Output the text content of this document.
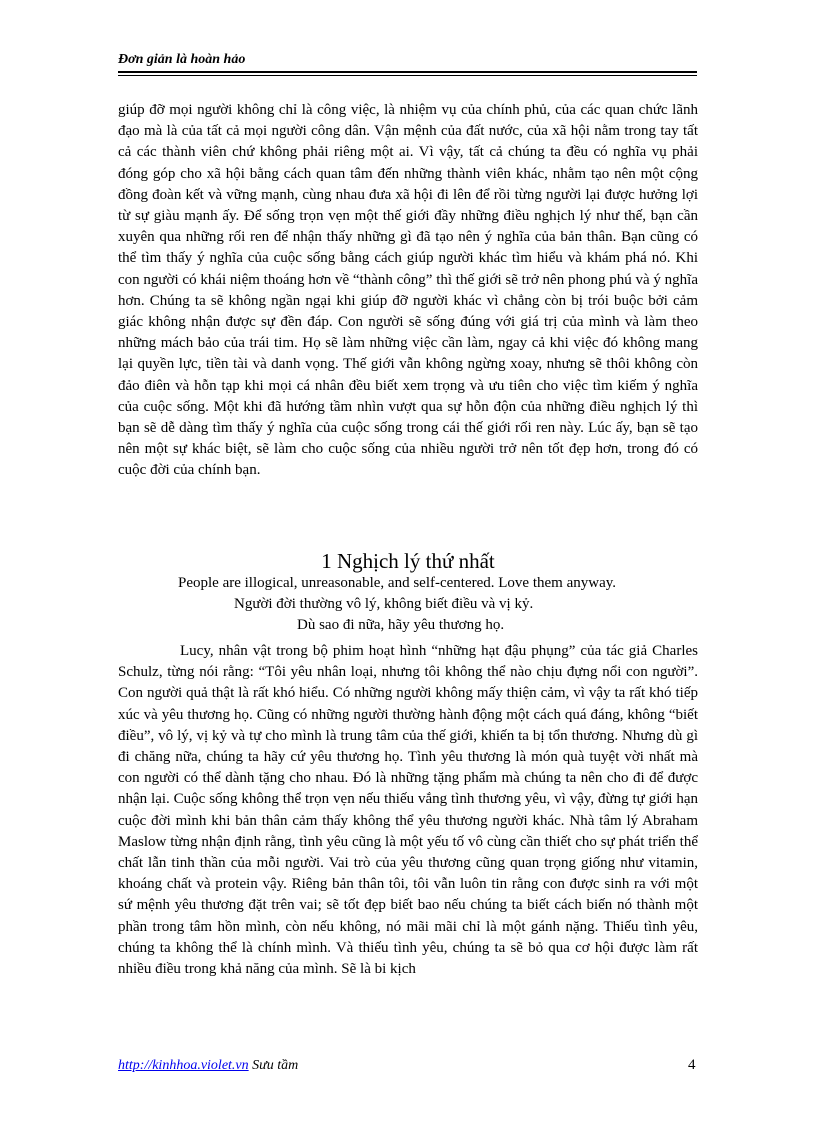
Đơn giản là hoàn hảo

giúp đỡ mọi người không chỉ là công việc, là nhiệm vụ của chính phủ, của các quan chức lãnh đạo mà là của tất cả mọi người công dân. Vận mệnh của đất nước, của xã hội nằm trong tay tất cả các thành viên chứ không phải riêng một ai. Vì vậy, tất cả chúng ta đều có nghĩa vụ phải đóng góp cho xã hội bằng cách quan tâm đến những thành viên khác, nhằm tạo nên một cộng đồng đoàn kết và vững mạnh, cùng nhau đưa xã hội đi lên để rồi từng người lại được hưởng lợi từ sự giàu mạnh ấy. Để sống trọn vẹn một thế giới đầy những điều nghịch lý như thế, bạn cần xuyên qua những rối ren để nhận thấy những gì đã tạo nên ý nghĩa của bản thân. Bạn cũng có thể tìm thấy ý nghĩa của cuộc sống bằng cách giúp người khác tìm hiểu và khám phá nó. Khi con người có khái niệm thoáng hơn về “thành công” thì thế giới sẽ trở nên phong phú và ý nghĩa hơn. Chúng ta sẽ không ngần ngại khi giúp đỡ người khác vì chẳng còn bị trói buộc bởi cảm giác không nhận được sự đền đáp. Con người sẽ sống đúng với giá trị của mình và làm theo những mách bảo của trái tim. Họ sẽ làm những việc cần làm, ngay cả khi việc đó không mang lại quyền lực, tiền tài và danh vọng. Thế giới vẫn không ngừng xoay, nhưng sẽ thôi không còn đảo điên và hỗn tạp khi mọi cá nhân đều biết xem trọng và ưu tiên cho việc tìm kiếm ý nghĩa của cuộc sống. Một khi đã hướng tầm nhìn vượt qua sự hỗn độn của những điều nghịch lý thì bạn sẽ dễ dàng tìm thấy ý nghĩa của cuộc sống trong cái thế giới rối ren này. Lúc ấy, bạn sẽ tạo nên một sự khác biệt, sẽ làm cho cuộc sống của nhiều người trở nên tốt đẹp hơn, trong đó có cuộc đời của chính bạn.

1 Nghịch lý thứ nhất
People are illogical, unreasonable, and self-centered. Love them anyway.
Người đời thường vô lý, không biết điều và vị kỷ.
Dù sao đi nữa, hãy yêu thương họ.

Lucy, nhân vật trong bộ phim hoạt hình “những hạt đậu phụng” của tác giả Charles Schulz, từng nói rằng: “Tôi yêu nhân loại, nhưng tôi không thể nào chịu đựng nổi con người”. Con người quả thật là rất khó hiểu. Có những người không mấy thiện cảm, vì vậy ta rất khó tiếp xúc và yêu thương họ. Cũng có những người thường hành động một cách quá đáng, không “biết điều”, vô lý, vị kỷ và tự cho mình là trung tâm của thế giới, khiến ta bị tổn thương. Nhưng dù gì đi chăng nữa, chúng ta hãy cứ yêu thương họ. Tình yêu thương là món quà tuyệt vời nhất mà con người có thể dành tặng cho nhau. Đó là những tặng phẩm mà chúng ta nên cho đi để được nhận lại. Cuộc sống không thể trọn vẹn nếu thiếu vắng tình thương yêu, vì vậy, đừng tự giới hạn cuộc đời mình khi bản thân cảm thấy không thể yêu thương người khác. Nhà tâm lý Abraham Maslow từng nhận định rằng, tình yêu cũng là một yếu tố vô cùng cần thiết cho sự phát triển thể chất lẫn tinh thần của mỗi người. Vai trò của yêu thương cũng quan trọng giống như vitamin, khoáng chất và protein vậy. Riêng bản thân tôi, tôi vẫn luôn tin rằng con được sinh ra với một sứ mệnh yêu thương đặt trên vai; sẽ tốt đẹp biết bao nếu chúng ta biết cách biến nó thành một phần trong tâm hồn mình, còn nếu không, nó mãi mãi chỉ là một gánh nặng. Thiếu tình yêu, chúng ta không thể là chính mình. Và thiếu tình yêu, chúng ta sẽ bỏ qua cơ hội được làm rất nhiều điều trong khả năng của mình. Sẽ là bi kịch

http://kinhhoa.violet.vn Sưu tầm	4
